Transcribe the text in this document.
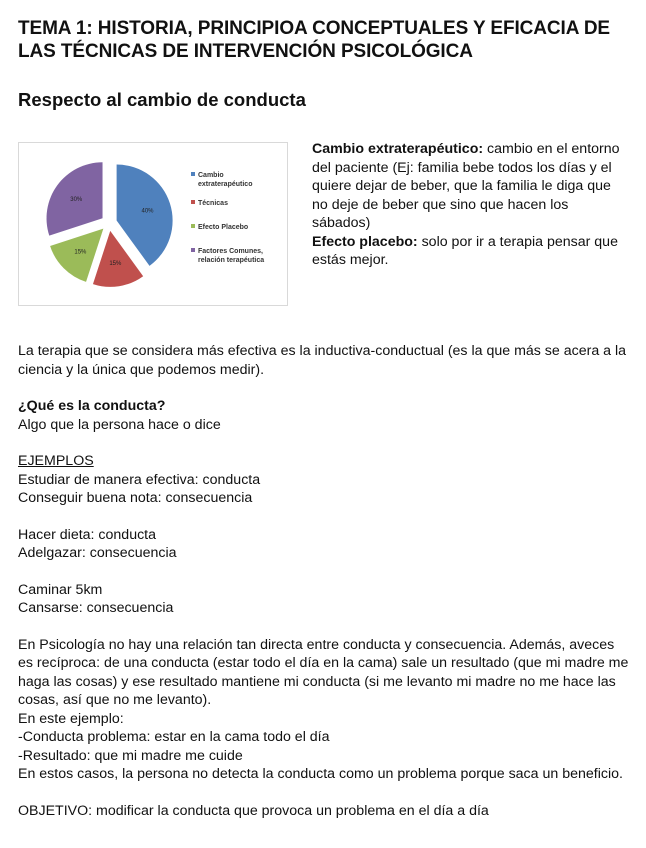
TEMA 1: HISTORIA, PRINCIPIOA CONCEPTUALES Y EFICACIA DE LAS TÉCNICAS DE INTERVENCIÓN PSICOLÓGICA
Respecto al cambio de conducta
40%
15%
15%
30%
Cambio
extraterapéutico
Técnicas
Efecto Placebo
Factores Comunes,
relación terapéutica
Cambio extraterapéutico: cambio en el entorno del paciente (Ej: familia bebe todos los días y el quiere dejar de beber, que la familia le diga que no deje de beber que sino que hacen los sábados)
Efecto placebo: solo por ir a terapia pensar que estás mejor.

La terapia que se considera más efectiva es la inductiva-conductual (es la que más se acera a la ciencia y la única que podemos medir).

¿Qué es la conducta?

Algo que la persona hace o dice

EJEMPLOS

Estudiar de manera efectiva: conducta

Conseguir buena nota: consecuencia

Hacer dieta: conducta

Adelgazar: consecuencia

Caminar 5km

Cansarse: consecuencia

En Psicología no hay una relación tan directa entre conducta y consecuencia. Además, aveces es recíproca: de una conducta (estar todo el día en la cama) sale un resultado (que mi madre me haga las cosas) y ese resultado mantiene mi conducta (si me levanto mi madre no me hace las cosas, así que no me levanto).

En este ejemplo:

-Conducta problema: estar en la cama todo el día

-Resultado: que mi madre me cuide

En estos casos, la persona no detecta la conducta como un problema porque saca un beneficio.

OBJETIVO: modificar la conducta que provoca un problema en el día a día
